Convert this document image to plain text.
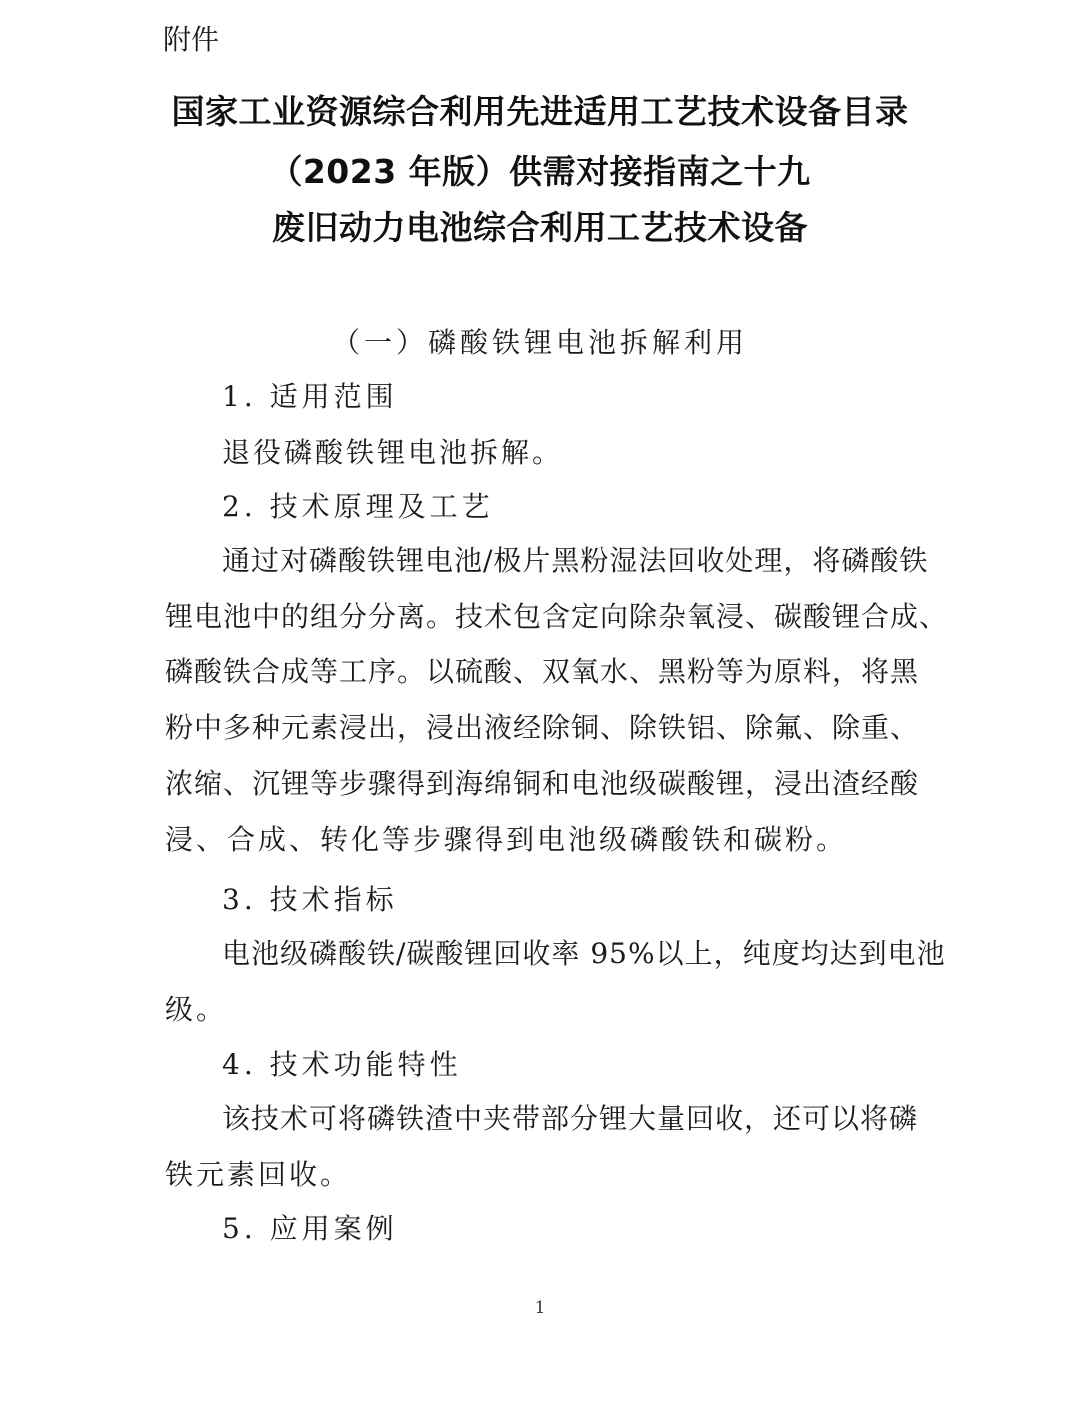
附件
国家工业资源综合利用先进适用工艺技术设备目录
（2023 年版）供需对接指南之十九
废旧动力电池综合利用工艺技术设备
（一）磷酸铁锂电池拆解利用
1. 适用范围
退役磷酸铁锂电池拆解。
2. 技术原理及工艺
通过对磷酸铁锂电池/极片黑粉湿法回收处理，将磷酸铁
锂电池中的组分分离。技术包含定向除杂氧浸、碳酸锂合成、
磷酸铁合成等工序。以硫酸、双氧水、黑粉等为原料，将黑
粉中多种元素浸出，浸出液经除铜、除铁铝、除氟、除重、
浓缩、沉锂等步骤得到海绵铜和电池级碳酸锂，浸出渣经酸
浸、合成、转化等步骤得到电池级磷酸铁和碳粉。
3. 技术指标
电池级磷酸铁/碳酸锂回收率 95%以上，纯度均达到电池
级。
4. 技术功能特性
该技术可将磷铁渣中夹带部分锂大量回收，还可以将磷
铁元素回收。
5. 应用案例
1
